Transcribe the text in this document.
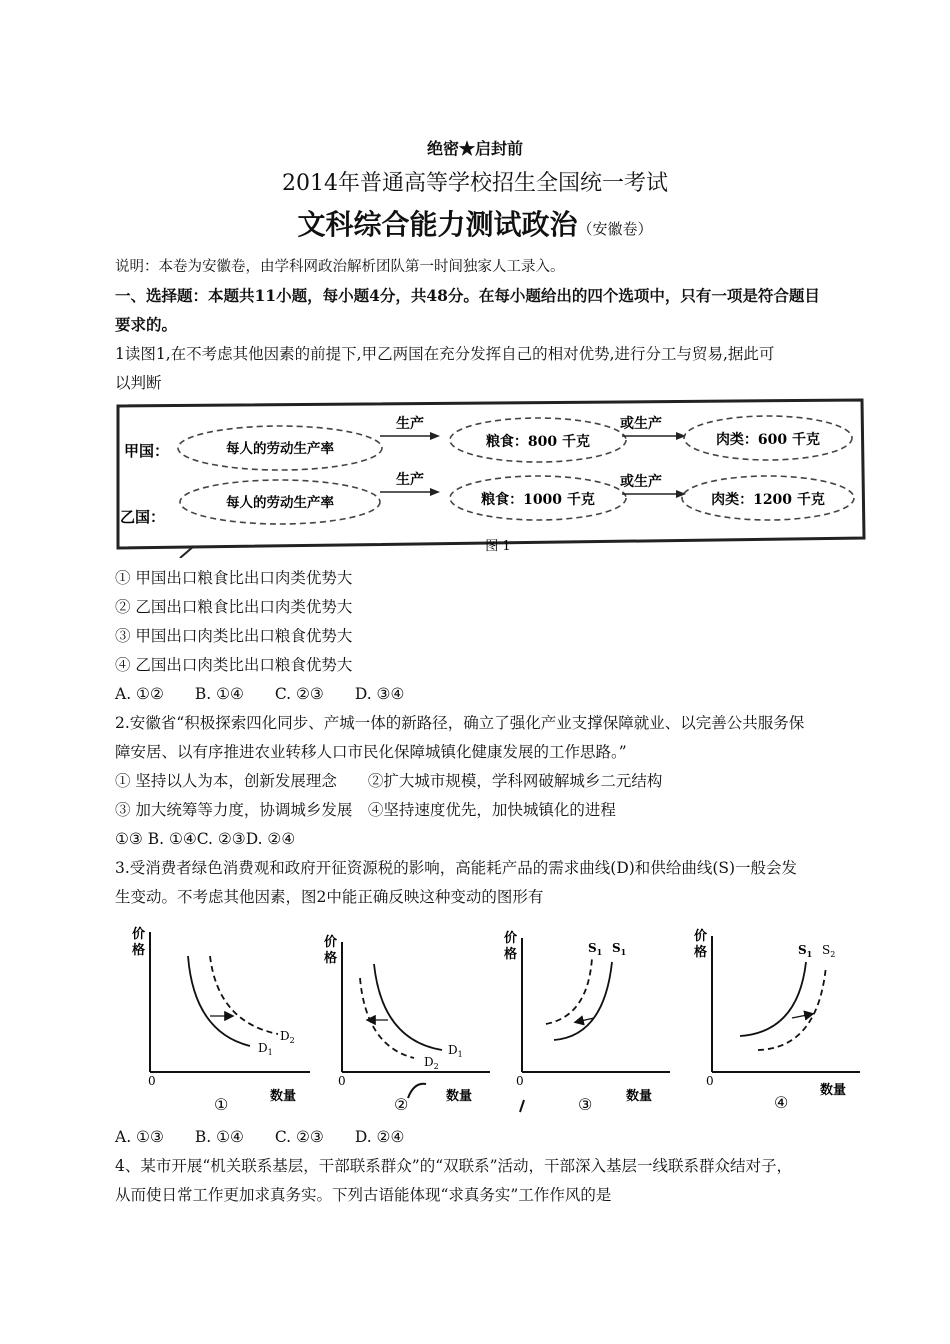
绝密★启封前
2014年普通高等学校招生全国统一考试
文科综合能力测试政治（安徽卷）
说明：本卷为安徽卷，由学科网政治解析团队第一时间独家人工录入。
一、选择题：本题共11小题，每小题4分，共48分。在每小题给出的四个选项中，只有一项是符合题目
要求的。
1读图1,在不考虑其他因素的前提下,甲乙两国在充分发挥自己的相对优势,进行分工与贸易,据此可
以判断
甲国：	每人的劳动生产率
生产
粮食：800 千克
或生产
肉类：600 千克
乙国：
每人的劳动生产率
生产
粮食：1000 千克
或生产
肉类：1200 千克
图 1
① 甲国出口粮食比出口肉类优势大
② 乙国出口粮食比出口肉类优势大
③ 甲国出口肉类比出口粮食优势大
④ 乙国出口肉类比出口粮食优势大
A. ①②　　B. ①④　　C. ②③　　D. ③④
2.安徽省“积极探索四化同步、产城一体的新路径，确立了强化产业支撑保障就业、以完善公共服务保
障安居、以有序推进农业转移人口市民化保障城镇化健康发展的工作思路。”
① 坚持以人为本，创新发展理念　　②扩大城市规模，学科网破解城乡二元结构
③ 加大统筹等力度，协调城乡发展　④坚持速度优先，加快城镇化的进程
①③ B. ①④C. ②③D. ②④
3.受消费者绿色消费观和政府开征资源税的影响，高能耗产品的需求曲线(D)和供给曲线(S)一般会发
生变动。不考虑其他因素，图2中能正确反映这种变动的图形有
价
格
0
数量
$D_1$
$D_2$
①
价
格
0
数量
$D_1$
$D_2$
②
价
格
0
数量
$S_1$ $S_1$
③
价
格
0
数量
$S_1$ $S_2$
④
A. ①③　　B. ①④　　C. ②③　　D. ②④
4、某市开展“机关联系基层，干部联系群众”的“双联系”活动，干部深入基层一线联系群众结对子，
从而使日常工作更加求真务实。下列古语能体现“求真务实”工作作风的是
